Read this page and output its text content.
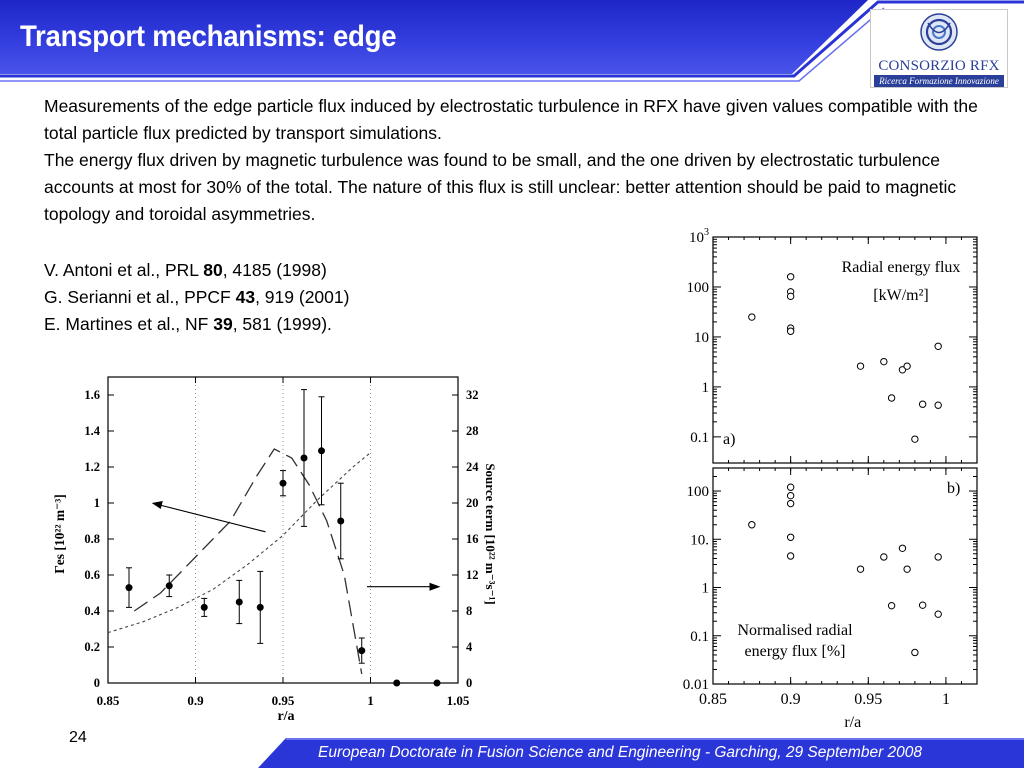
Transport mechanisms: edge
CONSORZIO RFX
Ricerca Formazione Innovazione

Measurements of the edge particle flux induced by electrostatic turbulence in RFX have given values compatible with the total particle flux predicted by transport simulations.

The energy flux driven by magnetic turbulence was found to be small, and the one driven by electrostatic turbulence accounts at most for 30% of the total. The nature of this flux is still unclear: better attention should be paid to magnetic topology and toroidal asymmetries.

V. Antoni et al., PRL 80, 4185 (1998)
G. Serianni et al., PPCF 43, 919 (2001)
E. Martines et al., NF 39, 581 (1999).
0.85	0.9	0.95	1	1.05
0
0.2
0.4
0.6
0.8
1
1.2
1.4
1.6
0
4
8
12
16
20
24
28
32
r/a
Γes [10²² m⁻³]	Source term [10²² m⁻³s⁻¹]
0.1
1
10
100
$10^3$
Radial energy flux
[kW/m²]
a)
0.01
0.1
1
10.
100
Normalised radial
energy flux [%]
b)
0.85	0.9	0.95	1
r/a
24
European Doctorate in Fusion Science and Engineering - Garching, 29 September 2008
